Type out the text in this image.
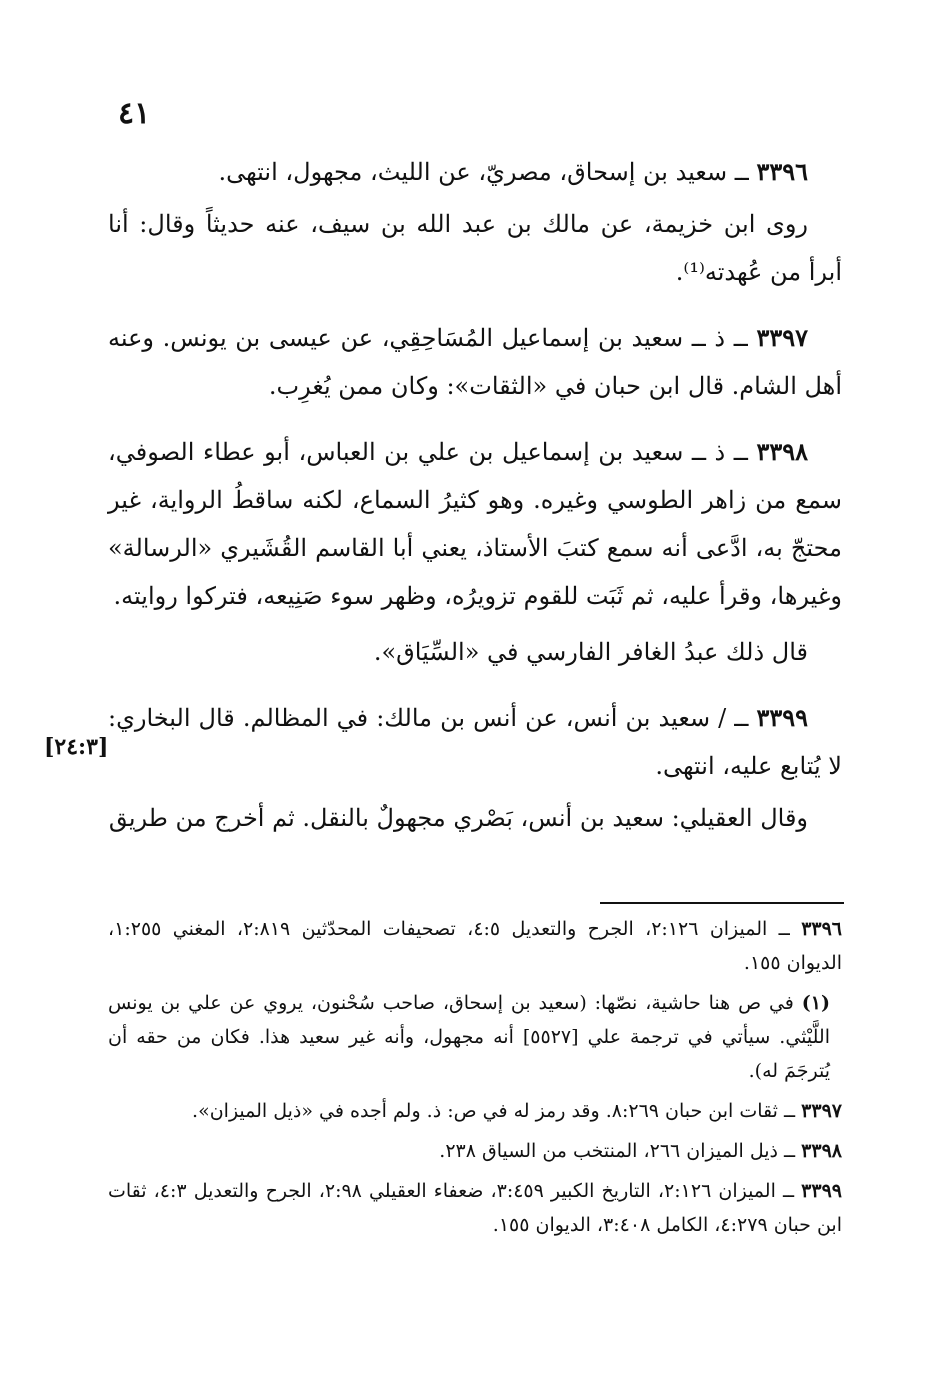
٤١
[٢٤:٣]

٣٣٩٦ ــ سعيد بن إسحاق، مصريّ، عن الليث، مجهول، انتهى.

روى ابن خزيمة، عن مالك بن عبد الله بن سيف، عنه حديثاً وقال: أنا أبرأ من عُهدته⁽¹⁾.

٣٣٩٧ ــ ذ ــ سعيد بن إسماعيل المُسَاحِقِي، عن عيسى بن يونس. وعنه أهل الشام. قال ابن حبان في «الثقات»: وكان ممن يُغرِب.

٣٣٩٨ ــ ذ ــ سعيد بن إسماعيل بن علي بن العباس، أبو عطاء الصوفي، سمع من زاهر الطوسي وغيره. وهو كثيرُ السماع، لكنه ساقطُ الرواية، غير محتجّ به، ادَّعى أنه سمع كتبَ الأستاذ، يعني أبا القاسم القُشَيري «الرسالة» وغيرها، وقرأ عليه، ثم ثَبَت للقوم تزويرُه، وظهر سوء صَنِيعه، فتركوا روايته.

قال ذلك عبدُ الغافر الفارسي في «السِّيَاق».

٣٣٩٩ ــ / سعيد بن أنس، عن أنس بن مالك: في المظالم. قال البخاري: لا يُتابع عليه، انتهى.

وقال العقيلي: سعيد بن أنس، بَصْري مجهولٌ بالنقل. ثم أخرج من طريق

٣٣٩٦ ــ الميزان ٢:١٢٦، الجرح والتعديل ٤:٥، تصحيفات المحدّثين ٢:٨١٩، المغني ١:٢٥٥، الديوان ١٥٥.

(١) في ص هنا حاشية، نصّها: (سعيد بن إسحاق، صاحب سُحْنون، يروي عن علي بن يونس اللَّيْثي. سيأتي في ترجمة علي [٥٥٢٧] أنه مجهول، وأنه غير سعيد هذا. فكان من حقه أن يُترجَمَ له).

٣٣٩٧ ــ ثقات ابن حبان ٨:٢٦٩. وقد رمز له في ص: ذ. ولم أجده في «ذيل الميزان».

٣٣٩٨ ــ ذيل الميزان ٢٦٦، المنتخب من السياق ٢٣٨.

٣٣٩٩ ــ الميزان ٢:١٢٦، التاريخ الكبير ٣:٤٥٩، ضعفاء العقيلي ٢:٩٨، الجرح والتعديل ٤:٣، ثقات ابن حبان ٤:٢٧٩، الكامل ٣:٤٠٨، الديوان ١٥٥.
